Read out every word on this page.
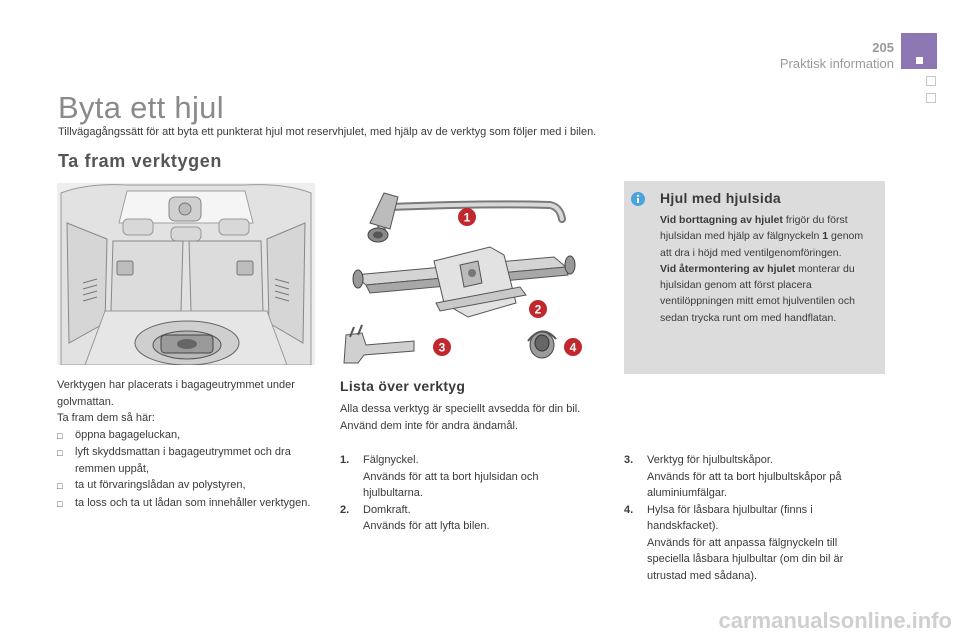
205
Praktisk information
Byta ett hjul
Tillvägagångssätt för att byta ett punkterat hjul mot reservhjulet, med hjälp av de verktyg som följer med i bilen.
Ta fram verktygen
1
2
3	4
Hjul med hjulsida
Vid borttagning av hjulet frigör du först hjulsidan med hjälp av fälgnyckeln 1 genom att dra i höjd med ventilgenomföringen.
Vid återmontering av hjulet monterar du hjulsidan genom att först placera ventilöppningen mitt emot hjulventilen och sedan trycka runt om med handflatan.
Verktygen har placerats i bagageutrymmet under golvmattan.
Ta fram dem så här:
□	öppna bagageluckan,
□	lyft skyddsmattan i bagageutrymmet och dra remmen uppåt,
□	ta ut förvaringslådan av polystyren,
□	ta loss och ta ut lådan som innehåller verktygen.
Lista över verktyg
Alla dessa verktyg är speciellt avsedda för din bil. Använd dem inte för andra ändamål.
1.	Fälgnyckel.
Används för att ta bort hjulsidan och hjulbultarna.
2.	Domkraft.
Används för att lyfta bilen.
3.	Verktyg för hjulbultskåpor.
Används för att ta bort hjulbultskåpor på aluminiumfälgar.
4.	Hylsa för låsbara hjulbultar (finns i handskfacket).
Används för att anpassa fälgnyckeln till speciella låsbara hjulbultar (om din bil är utrustad med sådana).
carmanualsonline.info
